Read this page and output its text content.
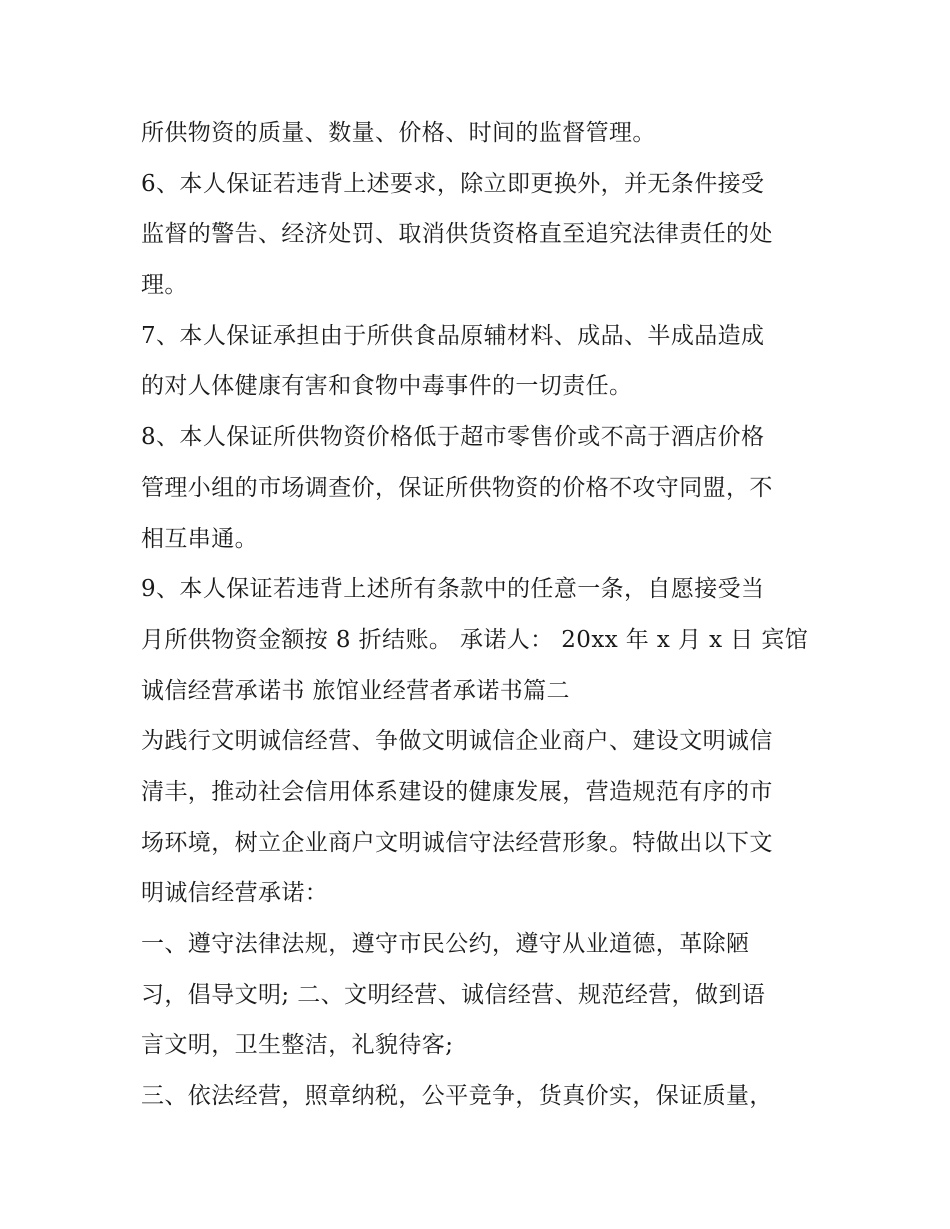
所供物资的质量、数量、价格、时间的监督管理。
6、本人保证若违背上述要求，除立即更换外，并无条件接受
监督的警告、经济处罚、取消供货资格直至追究法律责任的处
理。
7、本人保证承担由于所供食品原辅材料、成品、半成品造成
的对人体健康有害和食物中毒事件的一切责任。
8、本人保证所供物资价格低于超市零售价或不高于酒店价格
管理小组的市场调查价，保证所供物资的价格不攻守同盟，不
相互串通。
9、本人保证若违背上述所有条款中的任意一条，自愿接受当
月所供物资金额按 8 折结账。 承诺人： 20xx 年 x 月 x 日 宾馆
诚信经营承诺书 旅馆业经营者承诺书篇二
为践行文明诚信经营、争做文明诚信企业商户、建设文明诚信
清丰，推动社会信用体系建设的健康发展，营造规范有序的市
场环境，树立企业商户文明诚信守法经营形象。特做出以下文
明诚信经营承诺：
一、遵守法律法规，遵守市民公约，遵守从业道德，革除陋
习，倡导文明; 二、文明经营、诚信经营、规范经营，做到语
言文明，卫生整洁，礼貌待客;
三、依法经营，照章纳税，公平竞争，货真价实，保证质量，
